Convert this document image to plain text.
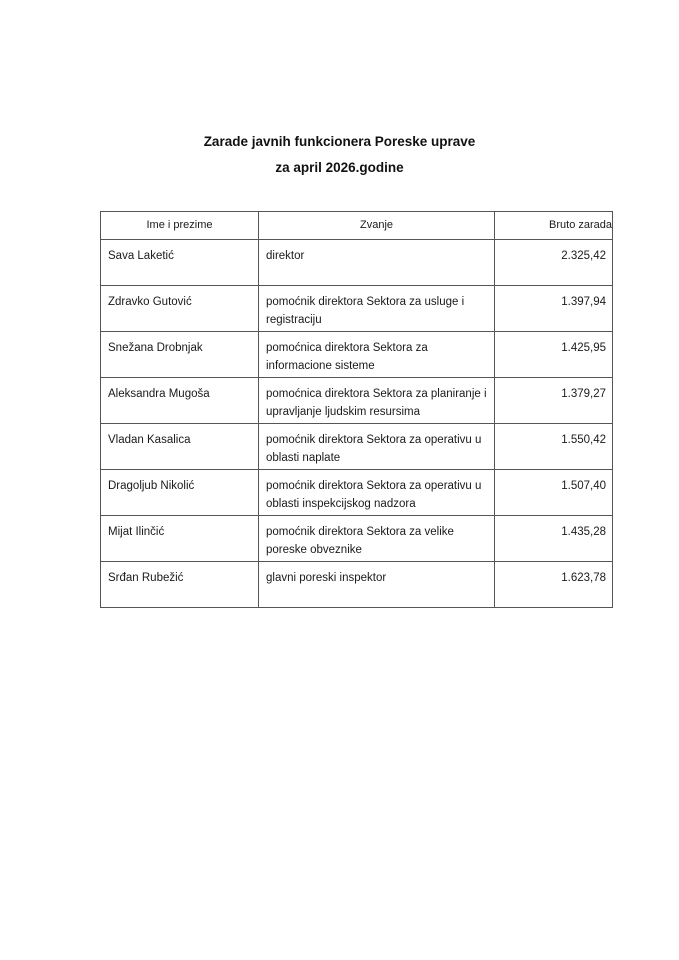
Zarade javnih funkcionera Poreske uprave
za april 2026.godine
Ime i prezime	Zvanje	Bruto zarada

Sava Laketić	direktor	2.325,42

Zdravko Gutović	pomoćnik direktora Sektora za usluge i registraciju	1.397,94

Snežana Drobnjak	pomoćnica direktora Sektora za informacione sisteme	1.425,95

Aleksandra Mugoša	pomoćnica direktora Sektora za planiranje i upravljanje ljudskim resursima	1.379,27

Vladan Kasalica	pomoćnik direktora Sektora za operativu u oblasti naplate	1.550,42

Dragoljub Nikolić	pomoćnik direktora Sektora za operativu u oblasti inspekcijskog nadzora	1.507,40

Mijat Ilinčić	pomoćnik direktora Sektora za velike poreske obveznike	1.435,28

Srđan Rubežić	glavni poreski inspektor	1.623,78
